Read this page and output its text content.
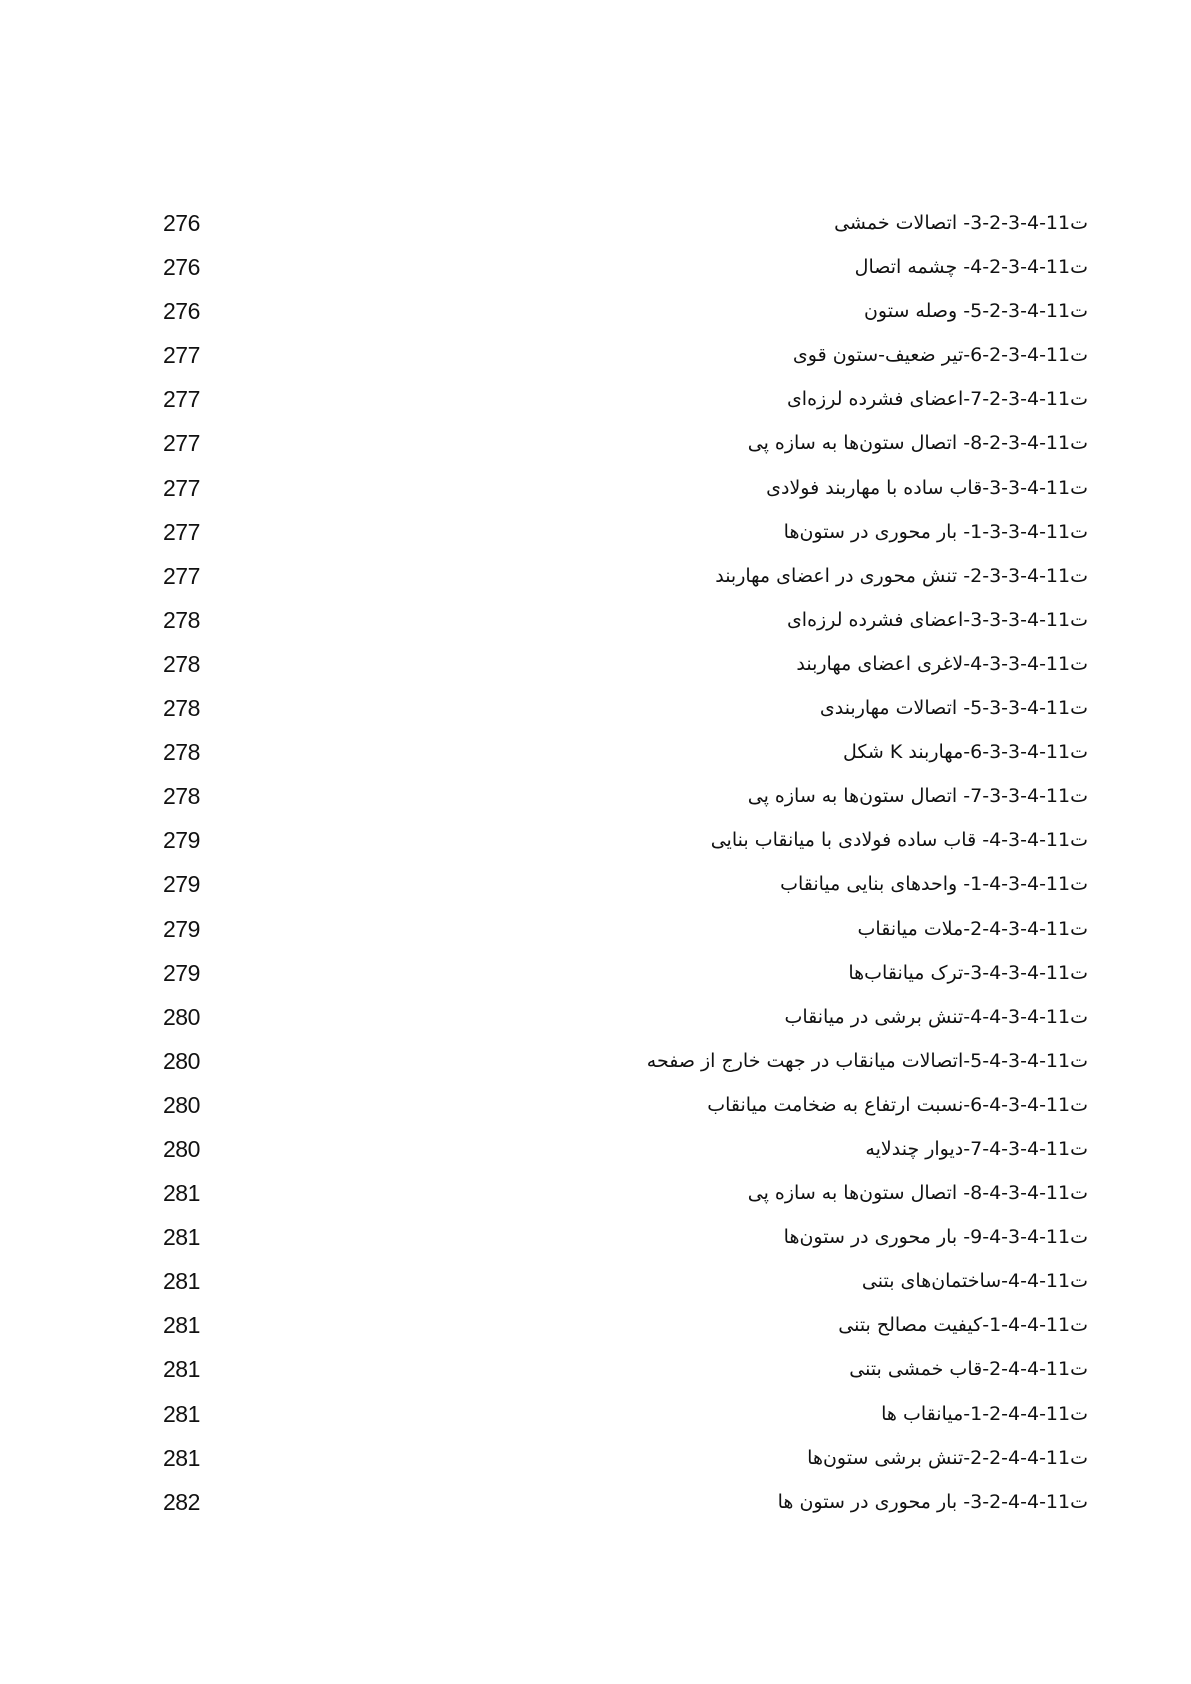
276	ت11-4-3-2-3- اتصالات خمشی
276	ت11-4-3-2-4- چشمه اتصال
276	ت11-4-3-2-5- وصله ستون
277	ت11-4-3-2-6-تیر ضعیف-ستون قوی
277	ت11-4-3-2-7-اعضای فشرده لرزه‌ای
277	ت11-4-3-2-8- اتصال ستون‌ها به سازه پی
277	ت11-4-3-3-قاب ساده با مهاربند فولادی
277	ت11-4-3-3-1- بار محوری در ستون‌ها
277	ت11-4-3-3-2- تنش محوری در اعضای مهاربند
278	ت11-4-3-3-3-اعضای فشرده لرزه‌ای
278	ت11-4-3-3-4-لاغری اعضای مهاربند
278	ت11-4-3-3-5- اتصالات مهاربندی
278	ت11-4-3-3-6-مهاربند K شکل
278	ت11-4-3-3-7- اتصال ستون‌ها به سازه پی
279	ت11-4-3-4- قاب ساده فولادی با میانقاب بنایی
279	ت11-4-3-4-1- واحدهای بنایی میانقاب
279	ت11-4-3-4-2-ملات میانقاب
279	ت11-4-3-4-3-ترک میانقاب‌ها
280	ت11-4-3-4-4-تنش برشی در میانقاب
280	ت11-4-3-4-5-اتصالات میانقاب در جهت خارج از صفحه
280	ت11-4-3-4-6-نسبت ارتفاع به ضخامت میانقاب
280	ت11-4-3-4-7-دیوار چندلایه
281	ت11-4-3-4-8- اتصال ستون‌ها به سازه پی
281	ت11-4-3-4-9- بار محوری در ستون‌ها
281	ت11-4-4-ساختمان‌های بتنی
281	ت11-4-4-1-کیفیت مصالح بتنی
281	ت11-4-4-2-قاب خمشی بتنی
281	ت11-4-4-2-1-میانقاب ها
281	ت11-4-4-2-2-تنش برشی ستون‌ها
282	ت11-4-4-2-3- بار محوری در ستون ها
